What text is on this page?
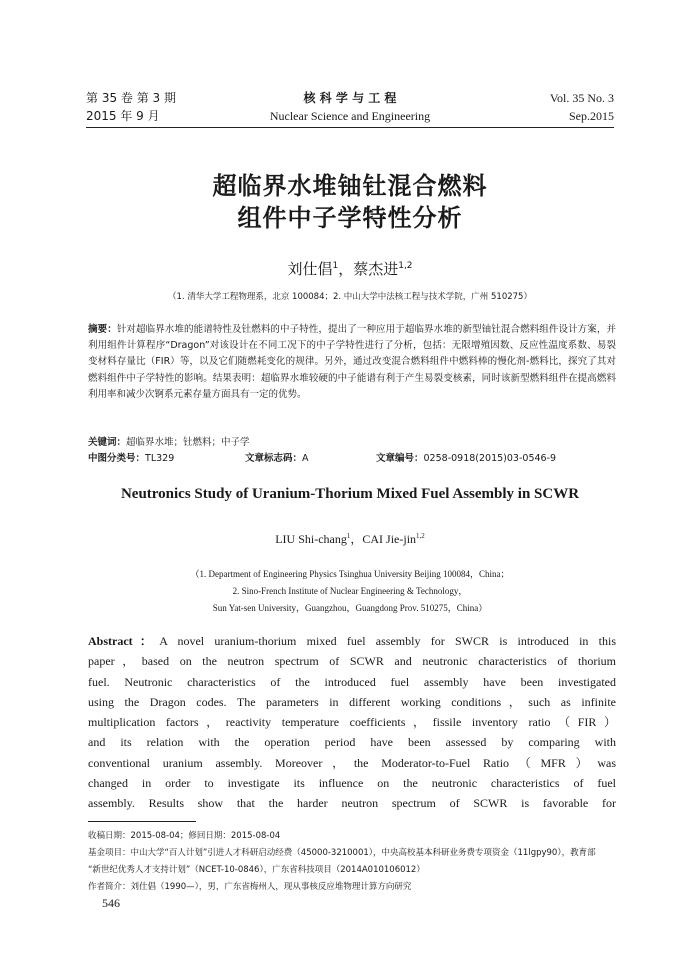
第 35 卷 第 3 期
2015 年 9 月
核 科 学 与 工 程
Nuclear Science and Engineering
Vol. 35 No. 3
Sep.2015
超临界水堆铀钍混合燃料
组件中子学特性分析
刘仕倡$^1$，蔡杰进$^{1,2}$
（1. 清华大学工程物理系，北京 100084；2. 中山大学中法核工程与技术学院，广州 510275）
摘要：针对超临界水堆的能谱特性及钍燃料的中子特性，提出了一种应用于超临界水堆的新型铀钍混合燃料组件设计方案，并利用组件计算程序“Dragon”对该设计在不同工况下的中子学特性进行了分析，包括：无限增殖因数、反应性温度系数、易裂变材料存量比（FIR）等，以及它们随燃耗变化的规律。另外，通过改变混合燃料组件中燃料棒的慢化剂-燃料比，探究了其对燃料组件中子学特性的影响。结果表明：超临界水堆较硬的中子能谱有利于产生易裂变核素，同时该新型燃料组件在提高燃料利用率和减少次锕系元素存量方面具有一定的优势。
关键词：超临界水堆；钍燃料；中子学
中图分类号：TL329	文章标志码：A	文章编号：0258-0918(2015)03-0546-9
Neutronics Study of Uranium-Thorium Mixed Fuel Assembly in SCWR
LIU Shi-chang$^1$，CAI Jie-jin$^{1,2}$
（1. Department of Engineering Physics Tsinghua University Beijing 100084，China；
2. Sino-French Institute of Nuclear Engineering & Technology，
Sun Yat-sen University，Guangzhou，Guangdong Prov. 510275，China）
Abstract：A novel uranium-thorium mixed fuel assembly for SWCR is introduced in this
paper，based on the neutron spectrum of SCWR and neutronic characteristics of thorium
fuel. Neutronic characteristics of the introduced fuel assembly have been investigated
using the Dragon codes. The parameters in different working conditions，such as infinite
multiplication factors，reactivity temperature coefficients，fissile inventory ratio（FIR）
and its relation with the operation period have been assessed by comparing with
conventional uranium assembly. Moreover，the Moderator-to-Fuel Ratio（MFR）was
changed in order to investigate its influence on the neutronic characteristics of fuel
assembly. Results show that the harder neutron spectrum of SCWR is favorable for
收稿日期：2015-08-04；修回日期：2015-08-04
基金项目：中山大学“百人计划”引进人才科研启动经费（45000-3210001），中央高校基本科研业务费专项资金（11lgpy90），教育部
“新世纪优秀人才支持计划”（NCET-10-0846），广东省科技项目（2014A010106012）
作者简介：刘仕倡（1990—），男，广东省梅州人，现从事核反应堆物理计算方向研究
546
